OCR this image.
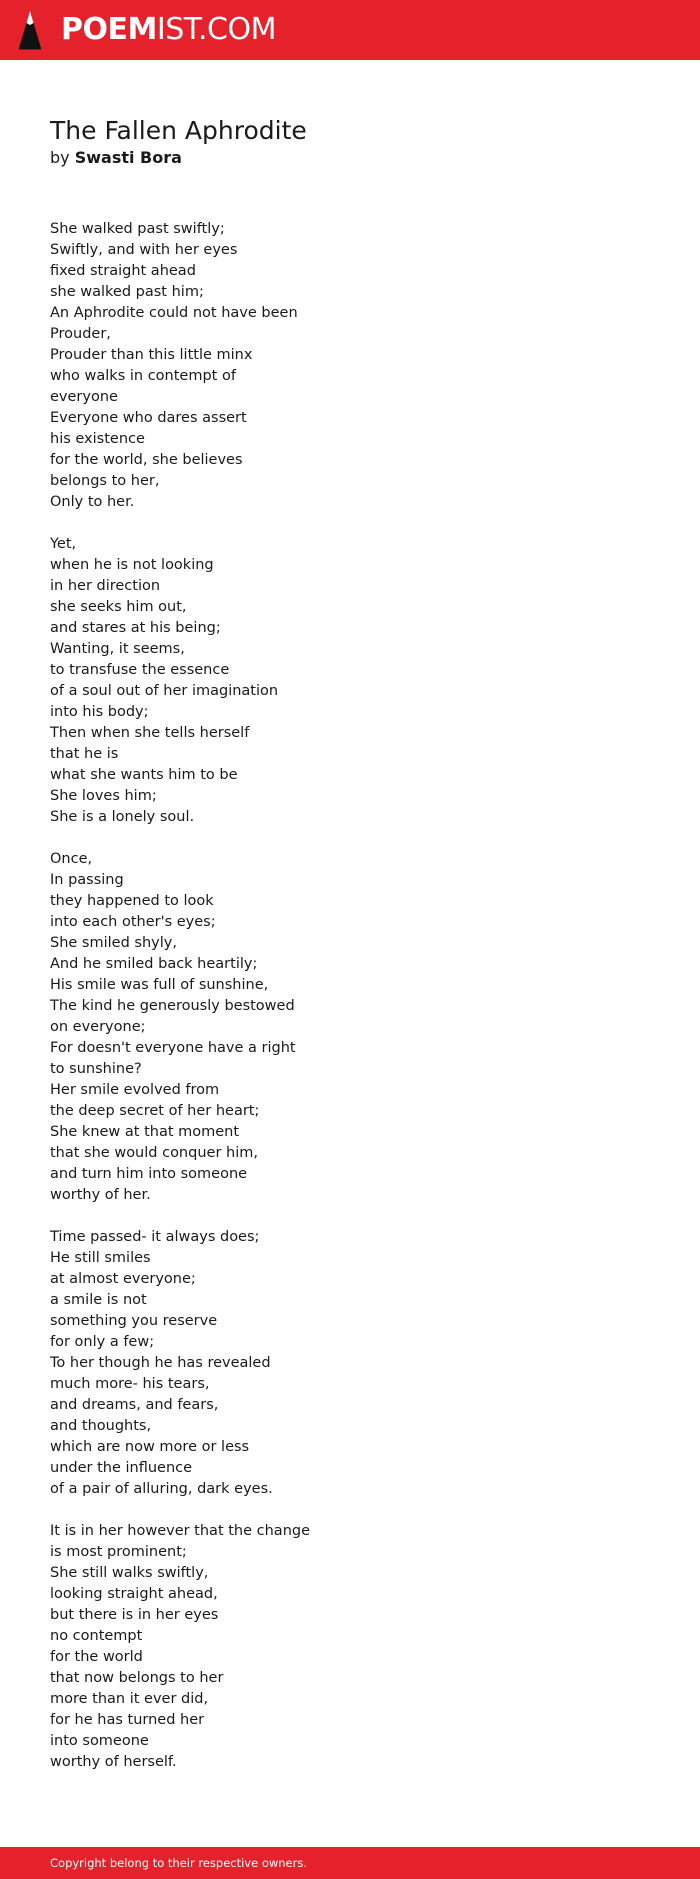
POEMIST.COM
The Fallen Aphrodite
by Swasti Bora
She walked past swiftly;
Swiftly, and with her eyes
fixed straight ahead
she walked past him;
An Aphrodite could not have been
Prouder,
Prouder than this little minx
who walks in contempt of
everyone
Everyone who dares assert
his existence
for the world, she believes
belongs to her,
Only to her.
Yet,
when he is not looking
in her direction
she seeks him out,
and stares at his being;
Wanting, it seems,
to transfuse the essence
of a soul out of her imagination
into his body;
Then when she tells herself
that he is
what she wants him to be
She loves him;
She is a lonely soul.
Once,
In passing
they happened to look
into each other's eyes;
She smiled shyly,
And he smiled back heartily;
His smile was full of sunshine,
The kind he generously bestowed
on everyone;
For doesn't everyone have a right
to sunshine?
Her smile evolved from
the deep secret of her heart;
She knew at that moment
that she would conquer him,
and turn him into someone
worthy of her.
Time passed- it always does;
He still smiles
at almost everyone;
a smile is not
something you reserve
for only a few;
To her though he has revealed
much more- his tears,
and dreams, and fears,
and thoughts,
which are now more or less
under the influence
of a pair of alluring, dark eyes.
It is in her however that the change
is most prominent;
She still walks swiftly,
looking straight ahead,
but there is in her eyes
no contempt
for the world
that now belongs to her
more than it ever did,
for he has turned her
into someone
worthy of herself.
Copyright belong to their respective owners.
